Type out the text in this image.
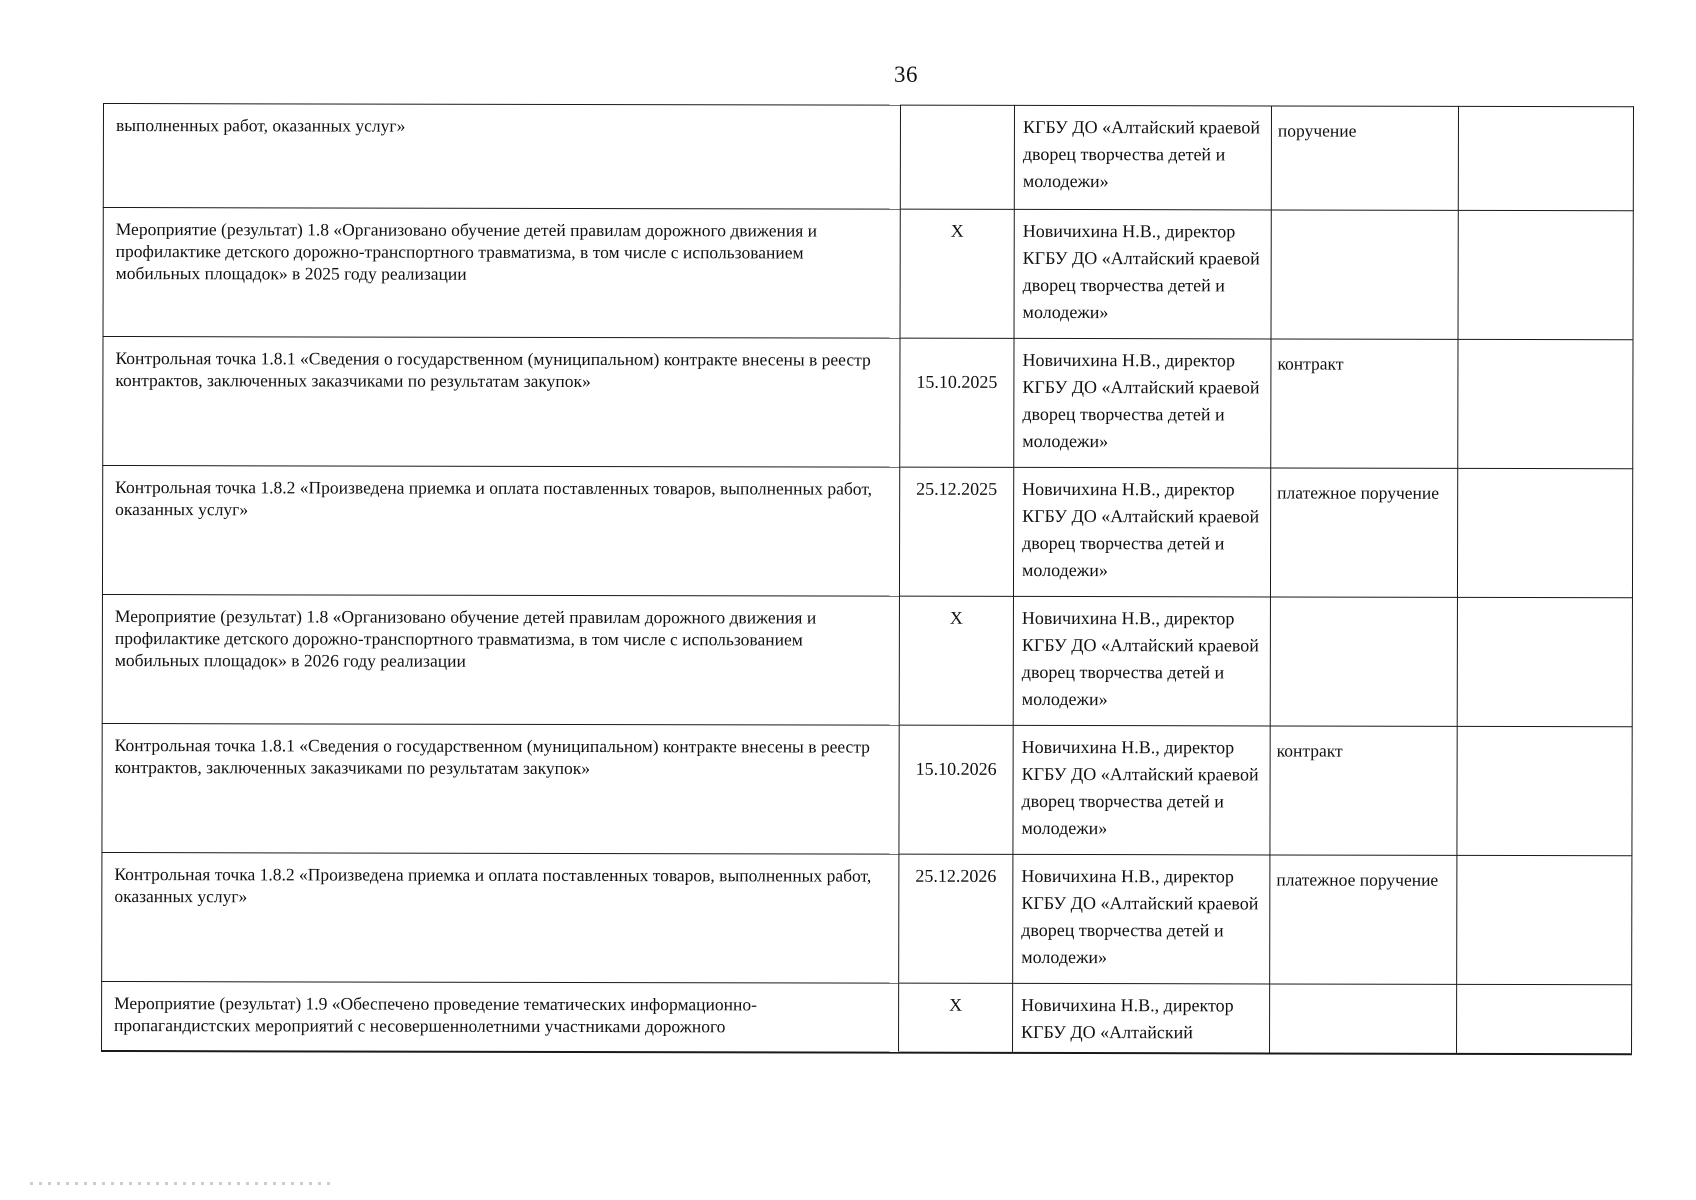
36
выполненных работ, оказанных услуг»		КГБУ ДО «Алтайский краевой дворец творчества детей и молодежи»	поручение	
Мероприятие (результат) 1.8 «Организовано обучение детей правилам дорожного движения и профилактике детского дорожно-транспортного травматизма, в том числе с использованием мобильных площадок» в 2025 году реализации	X	Новичихина Н.В., директор КГБУ ДО «Алтайский краевой дворец творчества детей и молодежи»		
Контрольная точка 1.8.1 «Сведения о государственном (муниципальном) контракте внесены в реестр контрактов, заключенных заказчиками по результатам закупок»	15.10.2025	Новичихина Н.В., директор КГБУ ДО «Алтайский краевой дворец творчества детей и молодежи»	контракт	
Контрольная точка 1.8.2 «Произведена приемка и оплата поставленных товаров, выполненных работ, оказанных услуг»	25.12.2025	Новичихина Н.В., директор КГБУ ДО «Алтайский краевой дворец творчества детей и молодежи»	платежное поручение	
Мероприятие (результат) 1.8 «Организовано обучение детей правилам дорожного движения и профилактике детского дорожно-транспортного травматизма, в том числе с использованием мобильных площадок» в 2026 году реализации	X	Новичихина Н.В., директор КГБУ ДО «Алтайский краевой дворец творчества детей и молодежи»		
Контрольная точка 1.8.1 «Сведения о государственном (муниципальном) контракте внесены в реестр контрактов, заключенных заказчиками по результатам закупок»	15.10.2026	Новичихина Н.В., директор КГБУ ДО «Алтайский краевой дворец творчества детей и молодежи»	контракт	
Контрольная точка 1.8.2 «Произведена приемка и оплата поставленных товаров, выполненных работ, оказанных услуг»	25.12.2026	Новичихина Н.В., директор КГБУ ДО «Алтайский краевой дворец творчества детей и молодежи»	платежное поручение	
Мероприятие (результат) 1.9 «Обеспечено проведение тематических информационно-пропагандистских мероприятий с несовершеннолетними участниками дорожного	X	Новичихина Н.В., директор КГБУ ДО «Алтайский		
